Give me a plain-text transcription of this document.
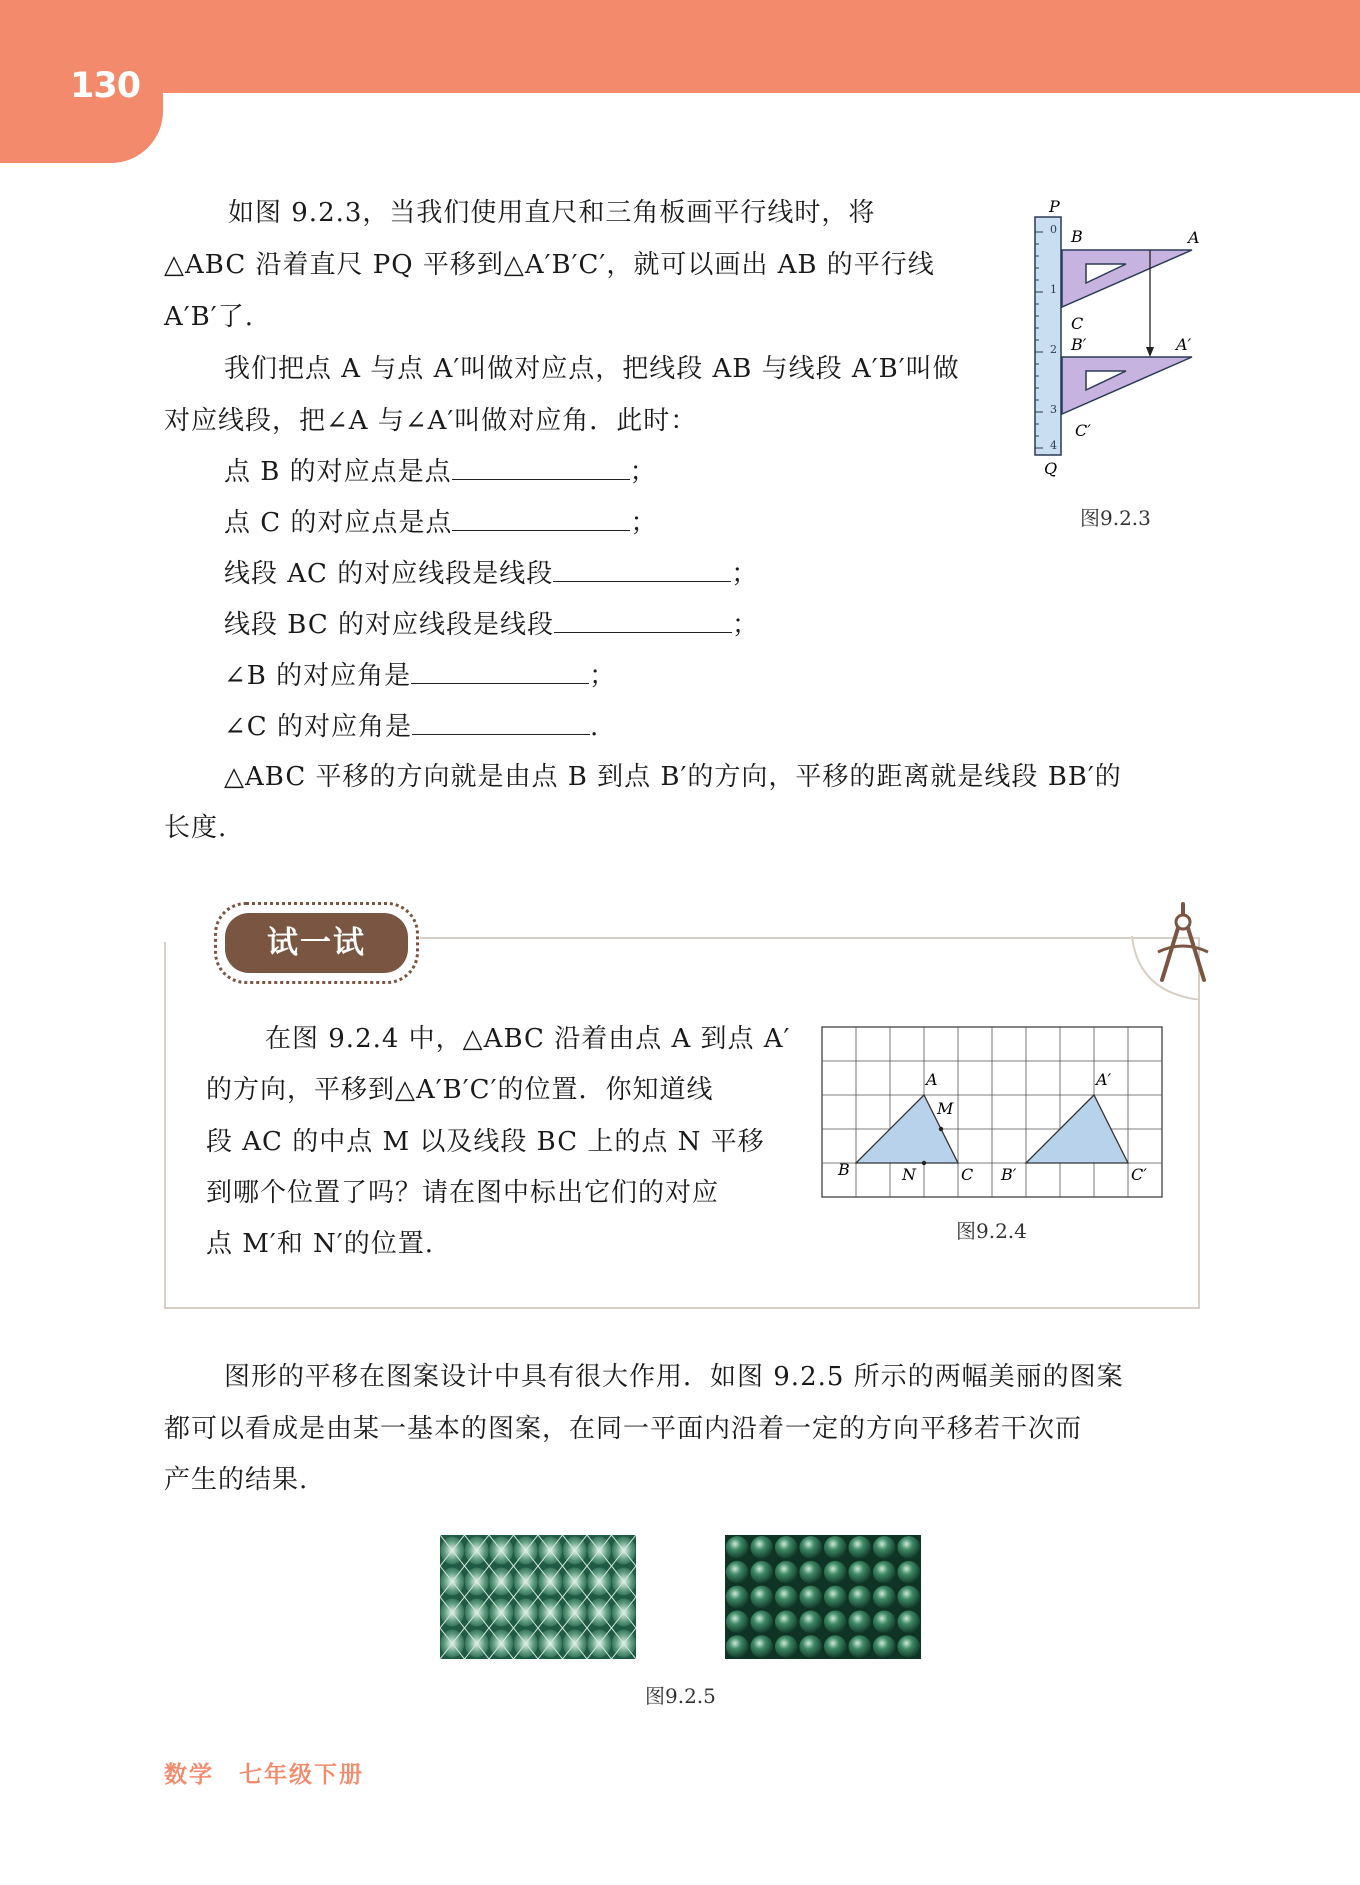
130
如图 9.2.3，当我们使用直尺和三角板画平行线时，将
△ABC 沿着直尺 PQ 平移到△A′B′C′，就可以画出 AB 的平行线
A′B′了.
我们把点 A 与点 A′叫做对应点，把线段 AB 与线段 A′B′叫做
对应线段，把∠A 与∠A′叫做对应角．此时：
点 B 的对应点是点	；
点 C 的对应点是点	；
线段 AC 的对应线段是线段	；
线段 BC 的对应线段是线段	；
∠B 的对应角是	；
∠C 的对应角是	.
△ABC 平移的方向就是由点 B 到点 B′的方向，平移的距离就是线段 BB′的
长度.
0
1
2
3
4
P
Q
B	A
C
B′	A′
C′
图9.2.3
试一试
在图 9.2.4 中，△ABC 沿着由点 A 到点 A′
的方向，平移到△A′B′C′的位置．你知道线
段 AC 的中点 M 以及线段 BC 上的点 N 平移
到哪个位置了吗？请在图中标出它们的对应
点 M′和 N′的位置.
A
M
B	N	C
A′
B′	C′
图9.2.4
图形的平移在图案设计中具有很大作用．如图 9.2.5 所示的两幅美丽的图案
都可以看成是由某一基本的图案，在同一平面内沿着一定的方向平移若干次而
产生的结果.
图9.2.5
数学　七年级下册
